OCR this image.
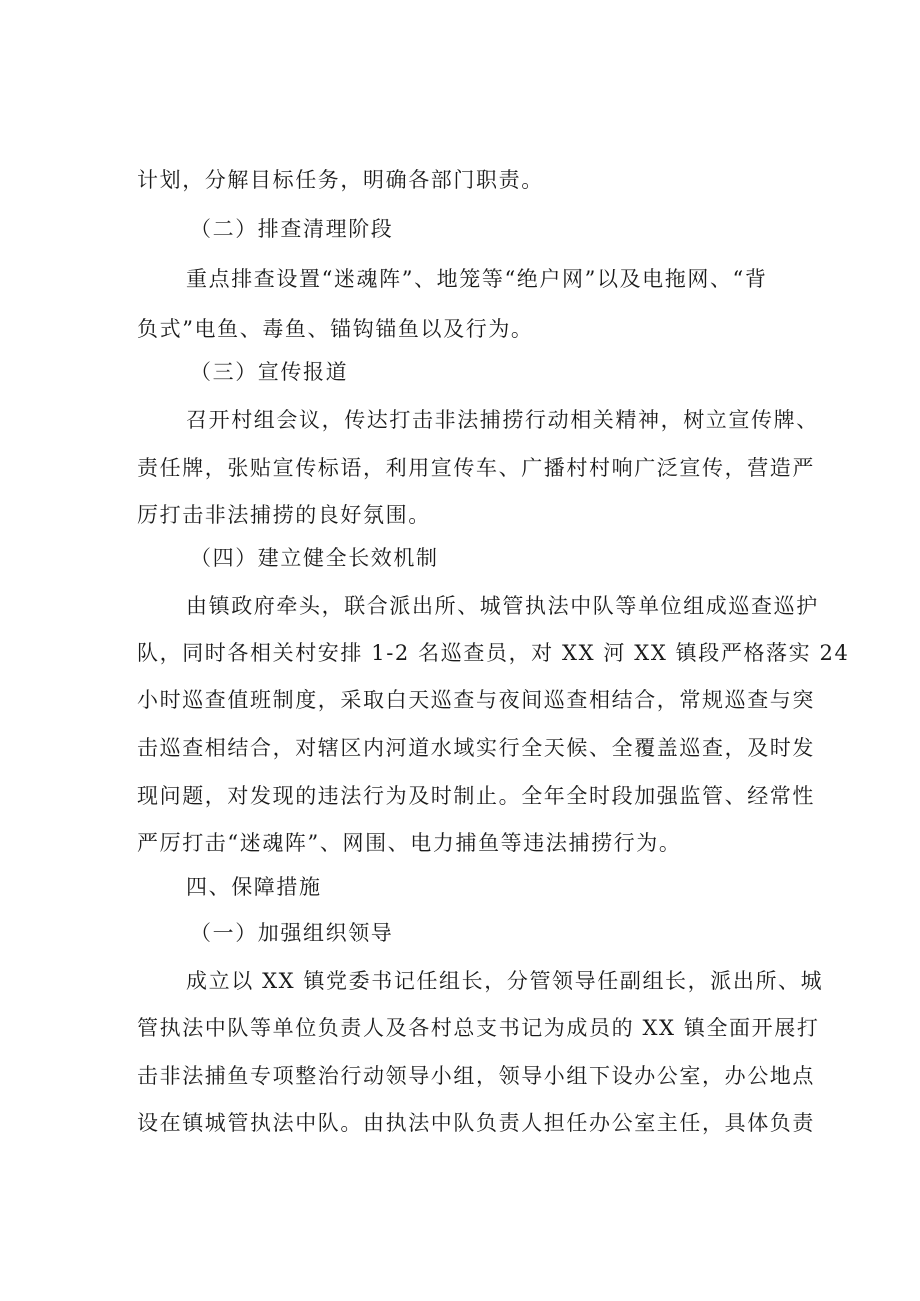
计划，分解目标任务，明确各部门职责。
（二）排查清理阶段
重点排查设置“迷魂阵”、地笼等“绝户网”以及电拖网、“背
负式”电鱼、毒鱼、锚钩锚鱼以及行为。
（三）宣传报道
召开村组会议，传达打击非法捕捞行动相关精神，树立宣传牌、
责任牌，张贴宣传标语，利用宣传车、广播村村响广泛宣传，营造严
厉打击非法捕捞的良好氛围。
（四）建立健全长效机制
由镇政府牵头，联合派出所、城管执法中队等单位组成巡查巡护
队，同时各相关村安排 1-2 名巡查员，对 XX 河 XX 镇段严格落实 24
小时巡查值班制度，采取白天巡查与夜间巡查相结合，常规巡查与突
击巡查相结合，对辖区内河道水域实行全天候、全覆盖巡查，及时发
现问题，对发现的违法行为及时制止。全年全时段加强监管、经常性
严厉打击“迷魂阵”、网围、电力捕鱼等违法捕捞行为。
四、保障措施
（一）加强组织领导
成立以 XX 镇党委书记任组长，分管领导任副组长，派出所、城
管执法中队等单位负责人及各村总支书记为成员的 XX 镇全面开展打
击非法捕鱼专项整治行动领导小组，领导小组下设办公室，办公地点
设在镇城管执法中队。由执法中队负责人担任办公室主任，具体负责
